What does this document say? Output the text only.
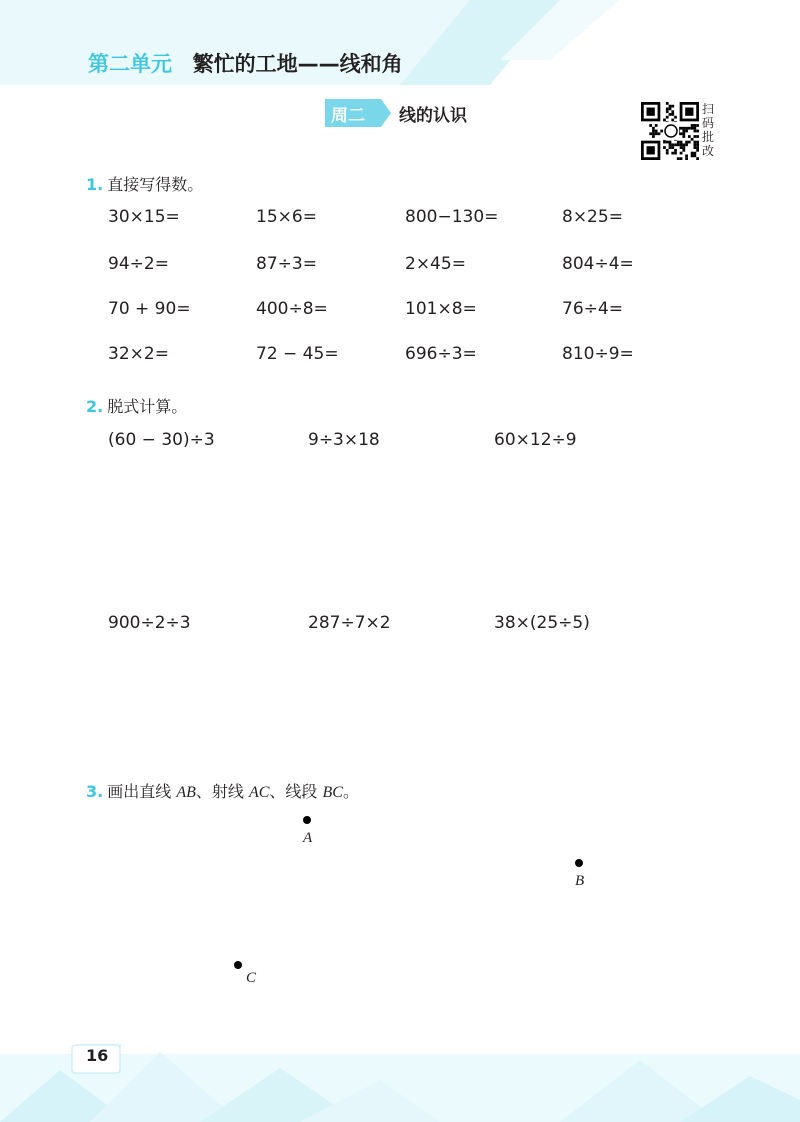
第二单元 繁忙的工地——线和角
周二	线的认识	扫
码
批
改
1. 直接写得数。
30×15=	15×6=	800−130=	8×25=
94÷2=	87÷3=	2×45=	804÷4=
70 + 90=	400÷8=	101×8=	76÷4=
32×2=	72 − 45=	696÷3=	810÷9=
2. 脱式计算。
(60 − 30)÷3	9÷3×18	60×12÷9
900÷2÷3	287÷7×2	38×(25÷5)
3. 画出直线 AB、射线 AC、线段 BC。
A
B
C
16
